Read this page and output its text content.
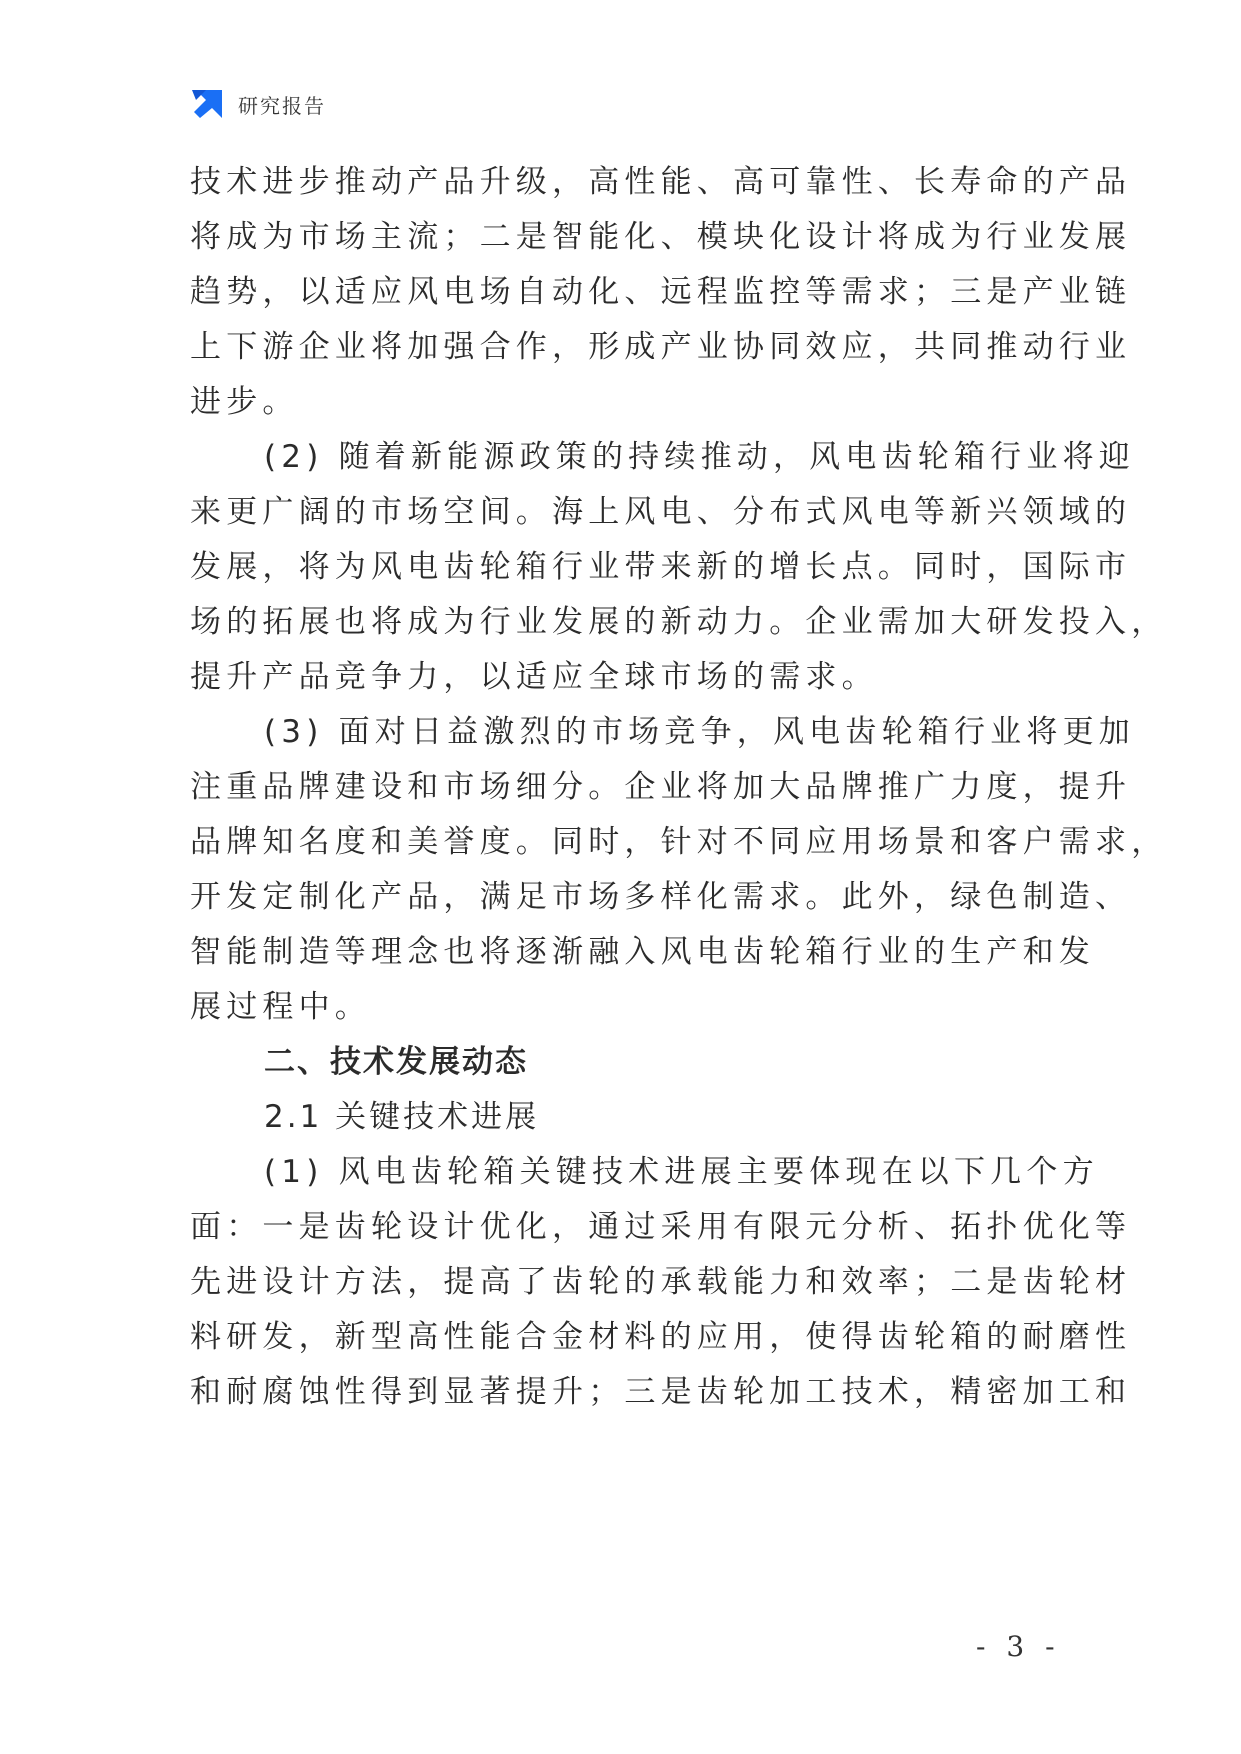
研究报告
技术进步推动产品升级，高性能、高可靠性、长寿命的产品
将成为市场主流；二是智能化、模块化设计将成为行业发展
趋势，以适应风电场自动化、远程监控等需求；三是产业链
上下游企业将加强合作，形成产业协同效应，共同推动行业
进步。
(2) 随着新能源政策的持续推动，风电齿轮箱行业将迎
来更广阔的市场空间。海上风电、分布式风电等新兴领域的
发展，将为风电齿轮箱行业带来新的增长点。同时，国际市
场的拓展也将成为行业发展的新动力。企业需加大研发投入，
提升产品竞争力，以适应全球市场的需求。
(3) 面对日益激烈的市场竞争，风电齿轮箱行业将更加
注重品牌建设和市场细分。企业将加大品牌推广力度，提升
品牌知名度和美誉度。同时，针对不同应用场景和客户需求，
开发定制化产品，满足市场多样化需求。此外，绿色制造、
智能制造等理念也将逐渐融入风电齿轮箱行业的生产和发
展过程中。
二、技术发展动态
2.1 关键技术进展
(1) 风电齿轮箱关键技术进展主要体现在以下几个方
面：一是齿轮设计优化，通过采用有限元分析、拓扑优化等
先进设计方法，提高了齿轮的承载能力和效率；二是齿轮材
料研发，新型高性能合金材料的应用，使得齿轮箱的耐磨性
和耐腐蚀性得到显著提升；三是齿轮加工技术，精密加工和
- 3 -
